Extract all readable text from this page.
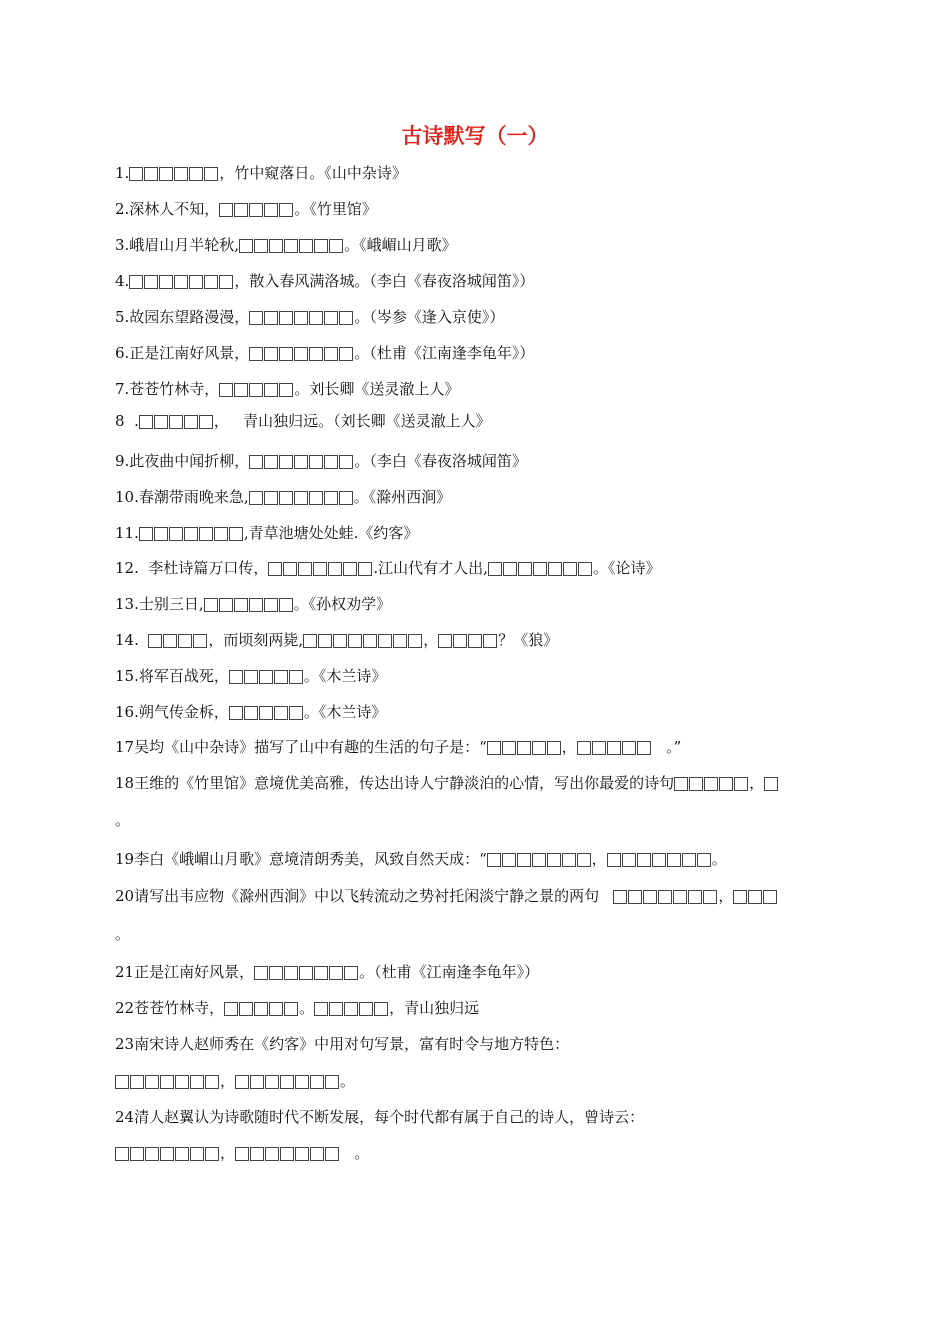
古诗默写（一）
1.	，竹中窥落日。《山中杂诗》
2.深林人不知，	。《竹里馆》
3.峨眉山月半轮秋,	。《峨嵋山月歌》
4.	，散入春风满洛城。（李白《春夜洛城闻笛》）
5.故园东望路漫漫，	。（岑参《逢入京使》）
6.正是江南好风景，	。（杜甫《江南逢李龟年》）
7.苍苍竹林寺，	。刘长卿《送灵澈上人》
8  .	，   青山独归远。（刘长卿《送灵澈上人》
9.此夜曲中闻折柳，	。（李白《春夜洛城闻笛》
10.春潮带雨晚来急,	。《滁州西涧》
11.	,青草池塘处处蛙.《约客》
12.  李杜诗篇万口传，	.江山代有才人出,	。《论诗》
13.士别三日,	。《孙权劝学》
14.	，而顷刻两毙,	，	？《狼》
15.将军百战死，	。《木兰诗》
16.朔气传金柝，	。《木兰诗》
17吴均《山中杂诗》描写了山中有趣的生活的句子是：“	，	。”
18王维的《竹里馆》意境优美高雅，传达出诗人宁静淡泊的心情，写出你最爱的诗句	，
。
19李白《峨嵋山月歌》意境清朗秀美，风致自然天成：“	，	。
20请写出韦应物《滁州西涧》中以飞转流动之势衬托闲淡宁静之景的两句	，
。
21正是江南好风景，	。（杜甫《江南逢李龟年》）
22苍苍竹林寺，	。	，青山独归远
23南宋诗人赵师秀在《约客》中用对句写景，富有时令与地方特色：
，	。
24清人赵翼认为诗歌随时代不断发展，每个时代都有属于自己的诗人，曾诗云：
，	。
